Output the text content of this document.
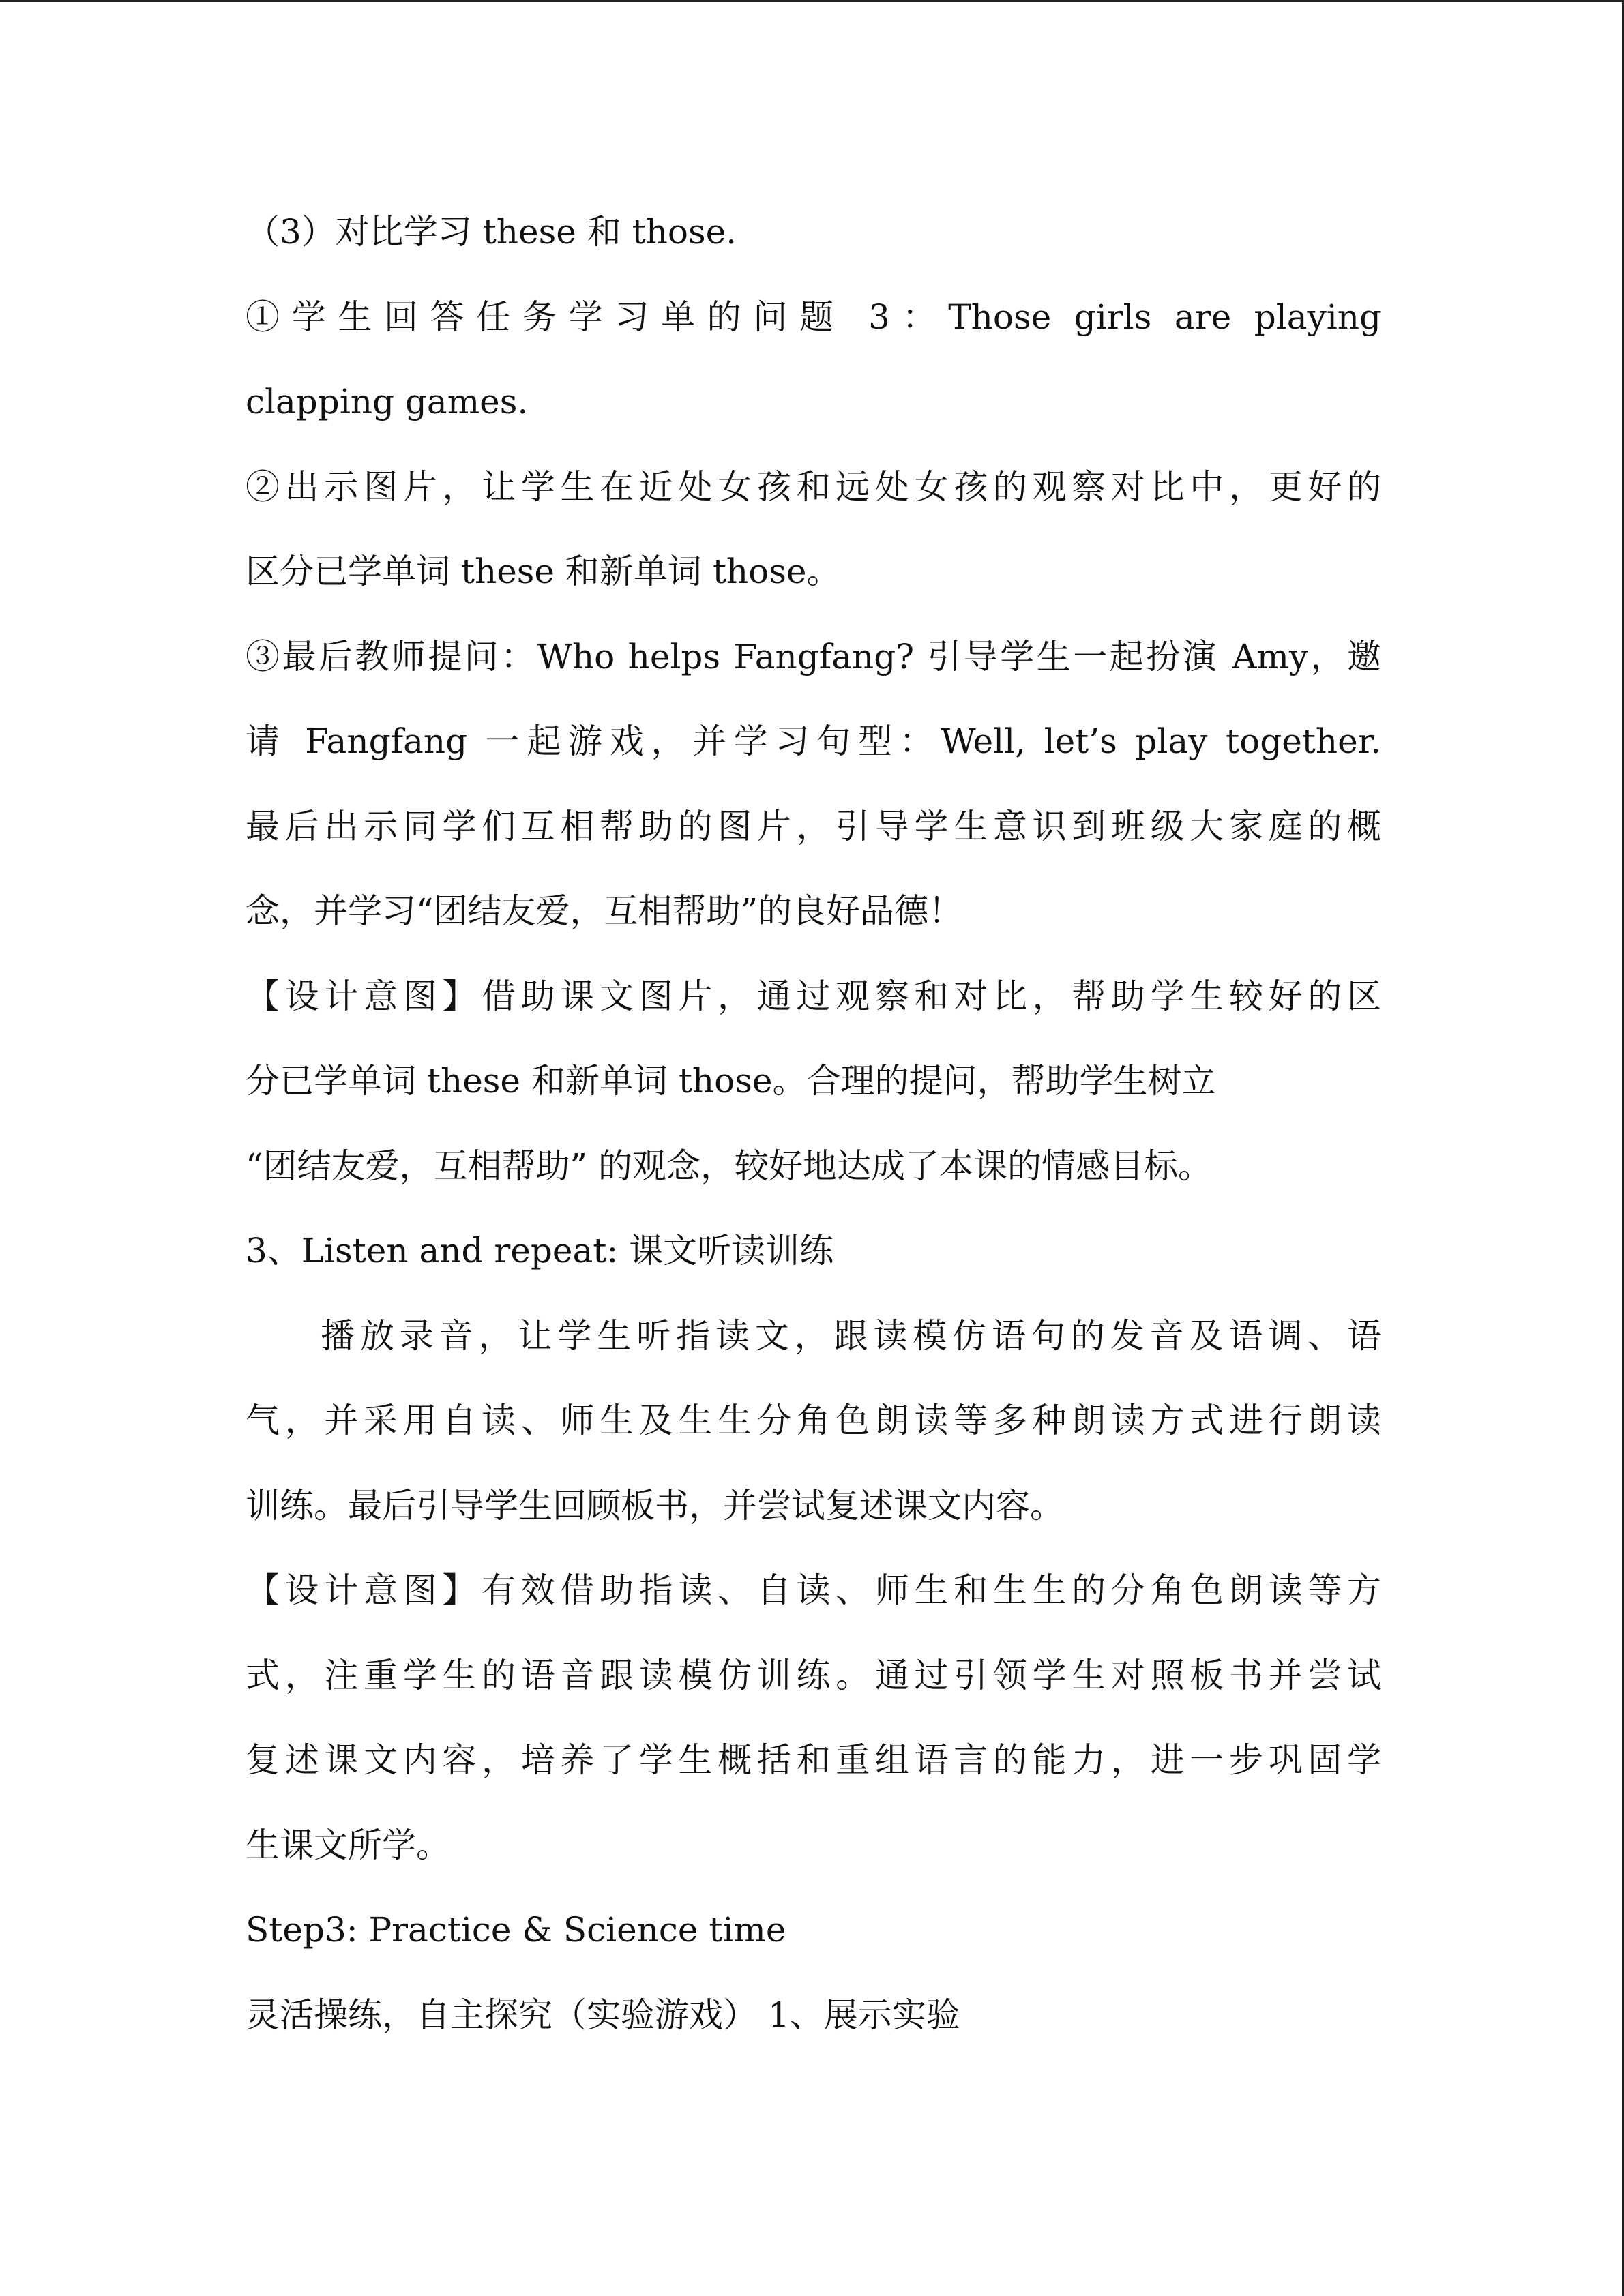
（3）对比学习 these 和 those.
①学生回答任务学习单的问题 3：Those girls are playing
clapping games.
②出示图片，让学生在近处女孩和远处女孩的观察对比中，更好的
区分已学单词 these 和新单词 those。
③最后教师提问：Who helps Fangfang? 引导学生一起扮演 Amy，邀
请 Fangfang 一起游戏，并学习句型：Well, let’s play together.
最后出示同学们互相帮助的图片，引导学生意识到班级大家庭的概
念，并学习“团结友爱，互相帮助”的良好品德！
【设计意图】借助课文图片，通过观察和对比，帮助学生较好的区
分已学单词 these 和新单词 those。合理的提问，帮助学生树立
“团结友爱，互相帮助” 的观念，较好地达成了本课的情感目标。
3、Listen and repeat: 课文听读训练
播放录音，让学生听指读文，跟读模仿语句的发音及语调、语
气，并采用自读、师生及生生分角色朗读等多种朗读方式进行朗读
训练。最后引导学生回顾板书，并尝试复述课文内容。
【设计意图】有效借助指读、自读、师生和生生的分角色朗读等方
式，注重学生的语音跟读模仿训练。通过引领学生对照板书并尝试
复述课文内容，培养了学生概括和重组语言的能力，进一步巩固学
生课文所学。
Step3: Practice & Science time
灵活操练，自主探究（实验游戏） 1、展示实验
